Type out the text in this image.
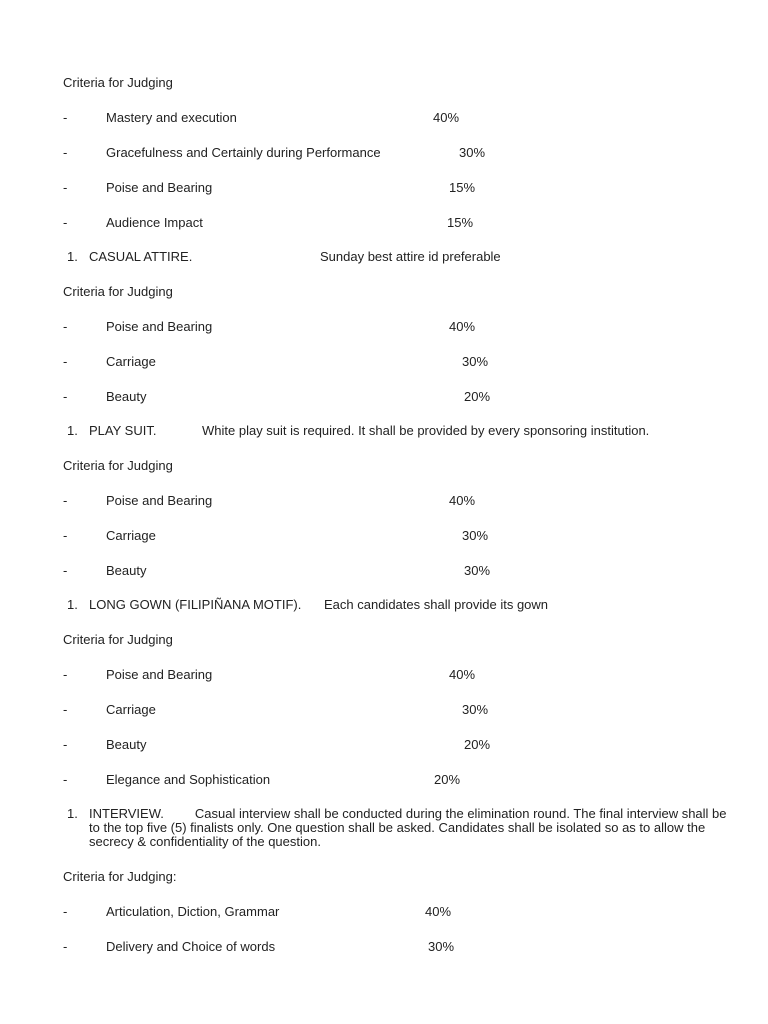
Criteria for Judging
-	Mastery and execution	40%
-	Gracefulness and Certainly during Performance	30%
-	Poise and Bearing	15%
-	Audience Impact	15%
1. CASUAL ATTIRE.	Sunday best attire id preferable
Criteria for Judging
-	Poise and Bearing	40%
-	Carriage	30%
-	Beauty	20%
1. PLAY SUIT.	White play suit is required. It shall be provided by every sponsoring institution.
Criteria for Judging
-	Poise and Bearing	40%
-	Carriage	30%
-	Beauty	30%
1. LONG GOWN (FILIPIÑANA MOTIF). Each candidates shall provide its gown
Criteria for Judging
-	Poise and Bearing	40%
-	Carriage	30%
-	Beauty	20%
-	Elegance and Sophistication	20%
1. INTERVIEW. Casual interview shall be conducted during the elimination round. The final interview shall be to the top five (5) finalists only. One question shall be asked. Candidates shall be isolated so as to allow the secrecy & confidentiality of the question.
Criteria for Judging:
-	Articulation, Diction, Grammar	40%
-	Delivery and Choice of words	30%
